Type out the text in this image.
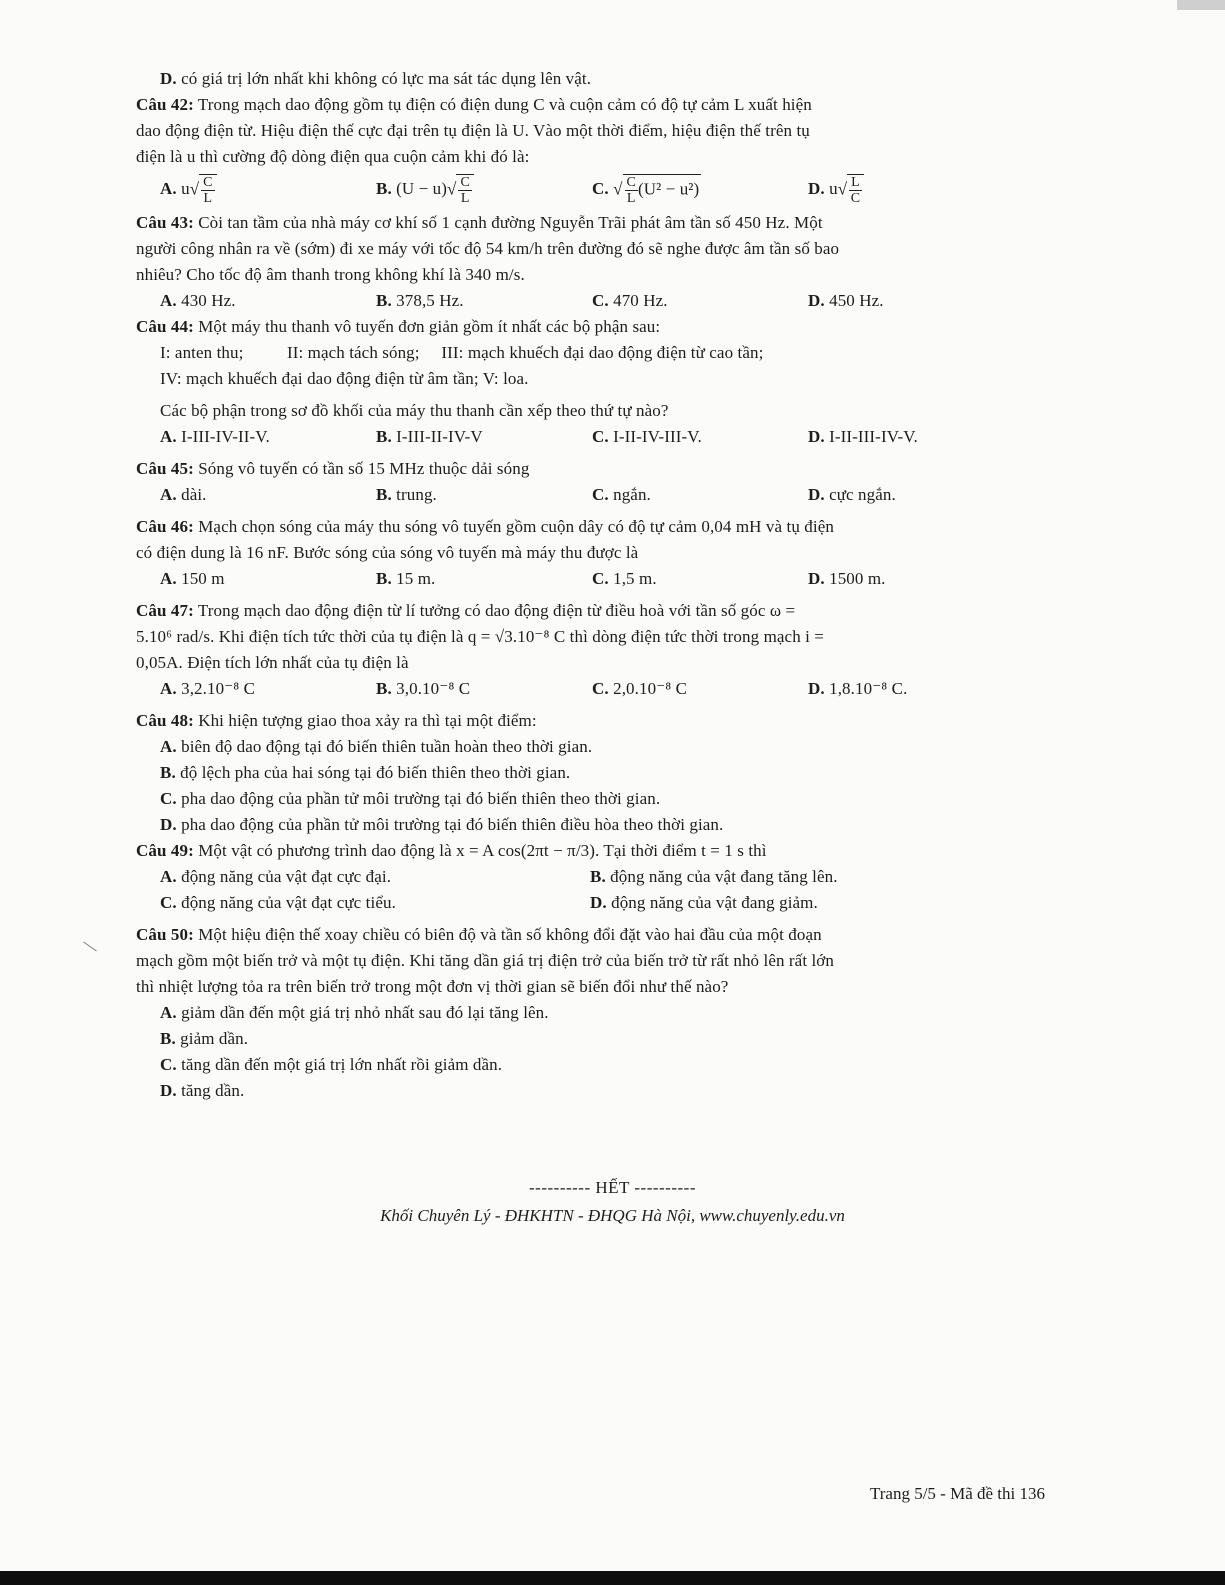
D. có giá trị lớn nhất khi không có lực ma sát tác dụng lên vật.
Câu 42: Trong mạch dao động gồm tụ điện có điện dung C và cuộn cảm có độ tự cảm L xuất hiện
dao động điện từ. Hiệu điện thế cực đại trên tụ điện là U. Vào một thời điểm, hiệu điện thế trên tụ
điện là u thì cường độ dòng điện qua cuộn cảm khi đó là:
A. $u√ \frac{C}{L}$	B. $(U - u)√ \frac{C}{L}$	C. √ $\frac{C}{L} (U^2 - u^2)$	D. $u√ \frac{L}{C}$
Câu 43: Còi tan tầm của nhà máy cơ khí số 1 cạnh đường Nguyễn Trãi phát âm tần số 450 Hz. Một
người công nhân ra về (sớm) đi xe máy với tốc độ 54 km/h trên đường đó sẽ nghe được âm tần số bao
nhiêu? Cho tốc độ âm thanh trong không khí là 340 m/s.
A. 430 Hz.	B. 378,5 Hz.	C. 470 Hz.	D. 450 Hz.
Câu 44: Một máy thu thanh vô tuyến đơn giản gồm ít nhất các bộ phận sau:
I: anten thu;          II: mạch tách sóng;     III: mạch khuếch đại dao động điện từ cao tần;
IV: mạch khuếch đại dao động điện từ âm tần; V: loa.
Các bộ phận trong sơ đồ khối của máy thu thanh cần xếp theo thứ tự nào?
A. I-III-IV-II-V.	B. I-III-II-IV-V	C. I-II-IV-III-V.	D. I-II-III-IV-V.
Câu 45: Sóng vô tuyến có tần số 15 MHz thuộc dải sóng
A. dài.	B. trung.	C. ngắn.	D. cực ngắn.
Câu 46: Mạch chọn sóng của máy thu sóng vô tuyến gồm cuộn dây có độ tự cảm 0,04 mH và tụ điện
có điện dung là 16 nF. Bước sóng của sóng vô tuyến mà máy thu được là
A. 150 m	B. 15 m.	C. 1,5 m.	D. 1500 m.
Câu 47: Trong mạch dao động điện từ lí tưởng có dao động điện từ điều hoà với tần số góc ω =
5.10⁶ rad/s. Khi điện tích tức thời của tụ điện là q = √3.10⁻⁸ C thì dòng điện tức thời trong mạch i =
0,05A. Điện tích lớn nhất của tụ điện là
A. 3,2.10⁻⁸ C	B. 3,0.10⁻⁸ C	C. 2,0.10⁻⁸ C	D. 1,8.10⁻⁸ C.
Câu 48: Khi hiện tượng giao thoa xảy ra thì tại một điểm:
A. biên độ dao động tại đó biến thiên tuần hoàn theo thời gian.
B. độ lệch pha của hai sóng tại đó biến thiên theo thời gian.
C. pha dao động của phần tử môi trường tại đó biến thiên theo thời gian.
D. pha dao động của phần tử môi trường tại đó biến thiên điều hòa theo thời gian.
Câu 49: Một vật có phương trình dao động là x = A cos(2πt − π/3). Tại thời điểm t = 1 s thì
A. động năng của vật đạt cực đại.	B. động năng của vật đang tăng lên.
C. động năng của vật đạt cực tiểu.	D. động năng của vật đang giảm.
Câu 50: Một hiệu điện thế xoay chiều có biên độ và tần số không đổi đặt vào hai đầu của một đoạn
mạch gồm một biến trở và một tụ điện. Khi tăng dần giá trị điện trở của biến trở từ rất nhỏ lên rất lớn
thì nhiệt lượng tỏa ra trên biến trở trong một đơn vị thời gian sẽ biến đổi như thế nào?
A. giảm dần đến một giá trị nhỏ nhất sau đó lại tăng lên.
B. giảm dần.
C. tăng dần đến một giá trị lớn nhất rồi giảm dần.
D. tăng dần.
---------- HẾT ----------
Khối Chuyên Lý - ĐHKHTN - ĐHQG Hà Nội, www.chuyenly.edu.vn
Trang 5/5 - Mã đề thi 136
